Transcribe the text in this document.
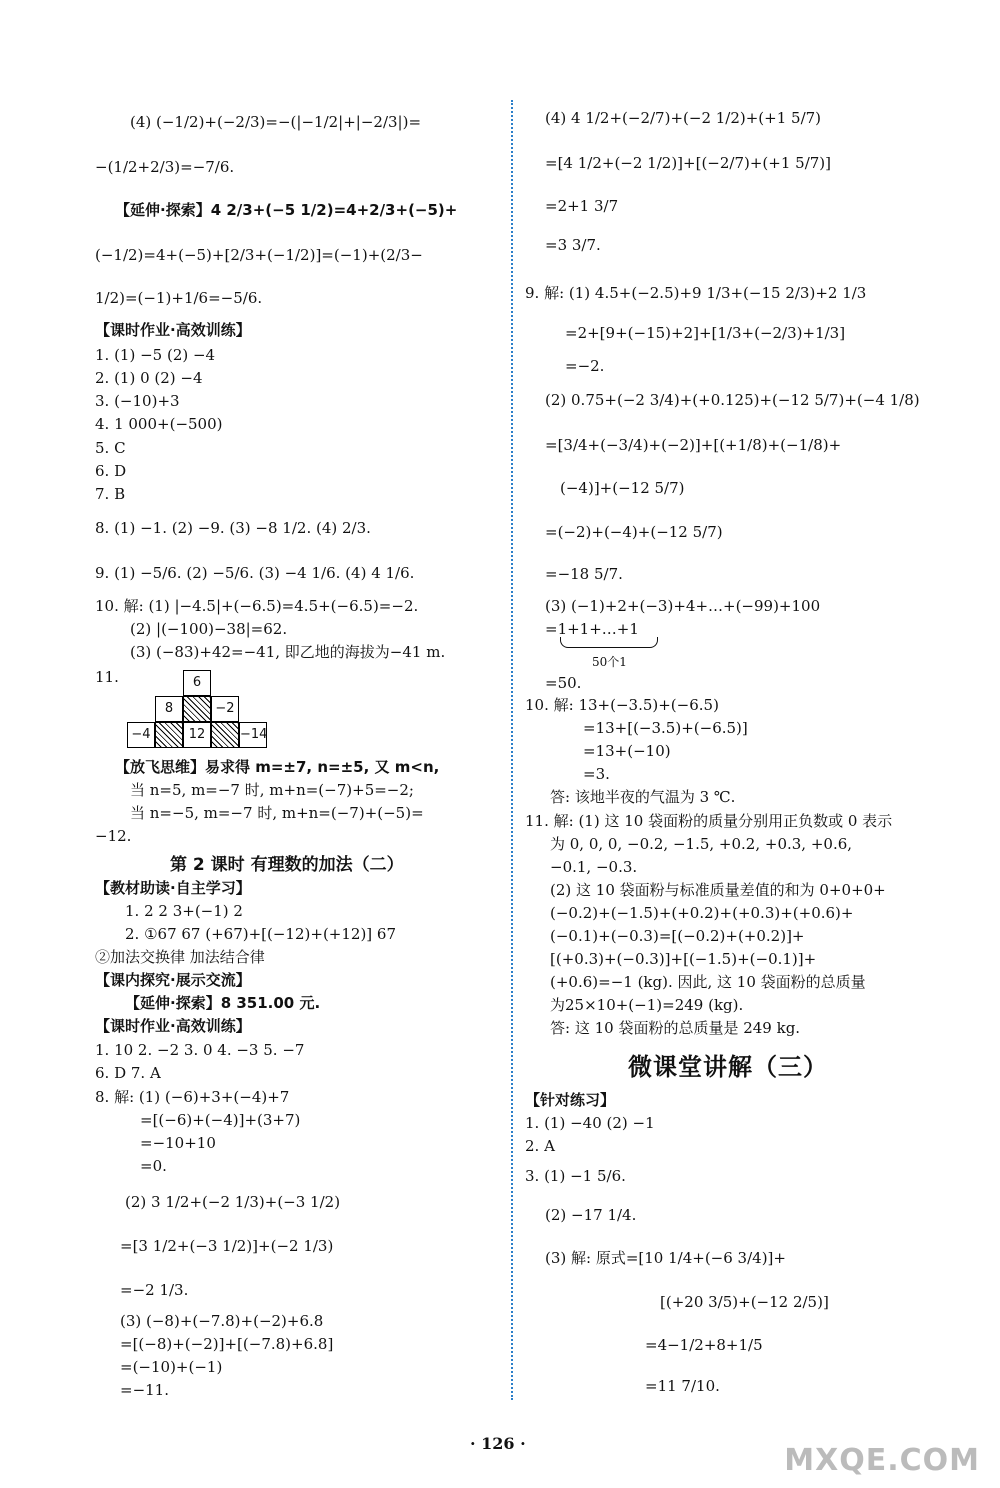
(4) (−1/2)+(−2/3)=−(|−1/2|+|−2/3|)=
−(1/2+2/3)=−7/6.
【延伸·探索】4 2/3+(−5 1/2)=4+2/3+(−5)+
(−1/2)=4+(−5)+[2/3+(−1/2)]=(−1)+(2/3−
1/2)=(−1)+1/6=−5/6.
【课时作业·高效训练】
1. (1) −5 (2) −4
2. (1) 0 (2) −4
3. (−10)+3
4. 1 000+(−500)
5. C
6. D
7. B
8. (1) −1. (2) −9. (3) −8 1/2. (4) 2/3.
9. (1) −5/6. (2) −5/6. (3) −4 1/6. (4) 4 1/6.
10. 解: (1) |−4.5|+(−6.5)=4.5+(−6.5)=−2.
(2) |(−100)−38|=62.
(3) (−83)+42=−41, 即乙地的海拔为−41 m.
11.	6
8	−2
−4	12	−14
【放飞思维】易求得 m=±7, n=±5, 又 m<n,
当 n=5, m=−7 时, m+n=(−7)+5=−2;
当 n=−5, m=−7 时, m+n=(−7)+(−5)=
−12.
第 2 课时 有理数的加法（二）
【教材助读·自主学习】
1. 2 2 3+(−1) 2
2. ①67 67 (+67)+[(−12)+(+12)] 67
②加法交换律 加法结合律
【课内探究·展示交流】
【延伸·探索】8 351.00 元.
【课时作业·高效训练】
1. 10 2. −2 3. 0 4. −3 5. −7
6. D 7. A
8. 解: (1) (−6)+3+(−4)+7
=[(−6)+(−4)]+(3+7)
=−10+10
=0.
(2) 3 1/2+(−2 1/3)+(−3 1/2)
=[3 1/2+(−3 1/2)]+(−2 1/3)
=−2 1/3.
(3) (−8)+(−7.8)+(−2)+6.8
=[(−8)+(−2)]+[(−7.8)+6.8]
=(−10)+(−1)
=−11.
(4) 4 1/2+(−2/7)+(−2 1/2)+(+1 5/7)
=[4 1/2+(−2 1/2)]+[(−2/7)+(+1 5/7)]
=2+1 3/7
=3 3/7.
9. 解: (1) 4.5+(−2.5)+9 1/3+(−15 2/3)+2 1/3
=2+[9+(−15)+2]+[1/3+(−2/3)+1/3]
=−2.
(2) 0.75+(−2 3/4)+(+0.125)+(−12 5/7)+(−4 1/8)
=[3/4+(−3/4)+(−2)]+[(+1/8)+(−1/8)+
(−4)]+(−12 5/7)
=(−2)+(−4)+(−12 5/7)
=−18 5/7.
(3) (−1)+2+(−3)+4+…+(−99)+100
=1+1+…+1
50个1
=50.
10. 解: 13+(−3.5)+(−6.5)
=13+[(−3.5)+(−6.5)]
=13+(−10)
=3.
答: 该地半夜的气温为 3 ℃.
11. 解: (1) 这 10 袋面粉的质量分别用正负数或 0 表示
为 0, 0, 0, −0.2, −1.5, +0.2, +0.3, +0.6,
−0.1, −0.3.
(2) 这 10 袋面粉与标准质量差值的和为 0+0+0+
(−0.2)+(−1.5)+(+0.2)+(+0.3)+(+0.6)+
(−0.1)+(−0.3)=[(−0.2)+(+0.2)]+
[(+0.3)+(−0.3)]+[(−1.5)+(−0.1)]+
(+0.6)=−1 (kg). 因此, 这 10 袋面粉的总质量
为25×10+(−1)=249 (kg).
答: 这 10 袋面粉的总质量是 249 kg.
微课堂讲解（三）
【针对练习】
1. (1) −40 (2) −1
2. A
3. (1) −1 5/6.
(2) −17 1/4.
(3) 解: 原式=[10 1/4+(−6 3/4)]+
[(+20 3/5)+(−12 2/5)]
=4−1/2+8+1/5
=11 7/10.
· 126 ·	MXQE.COM
